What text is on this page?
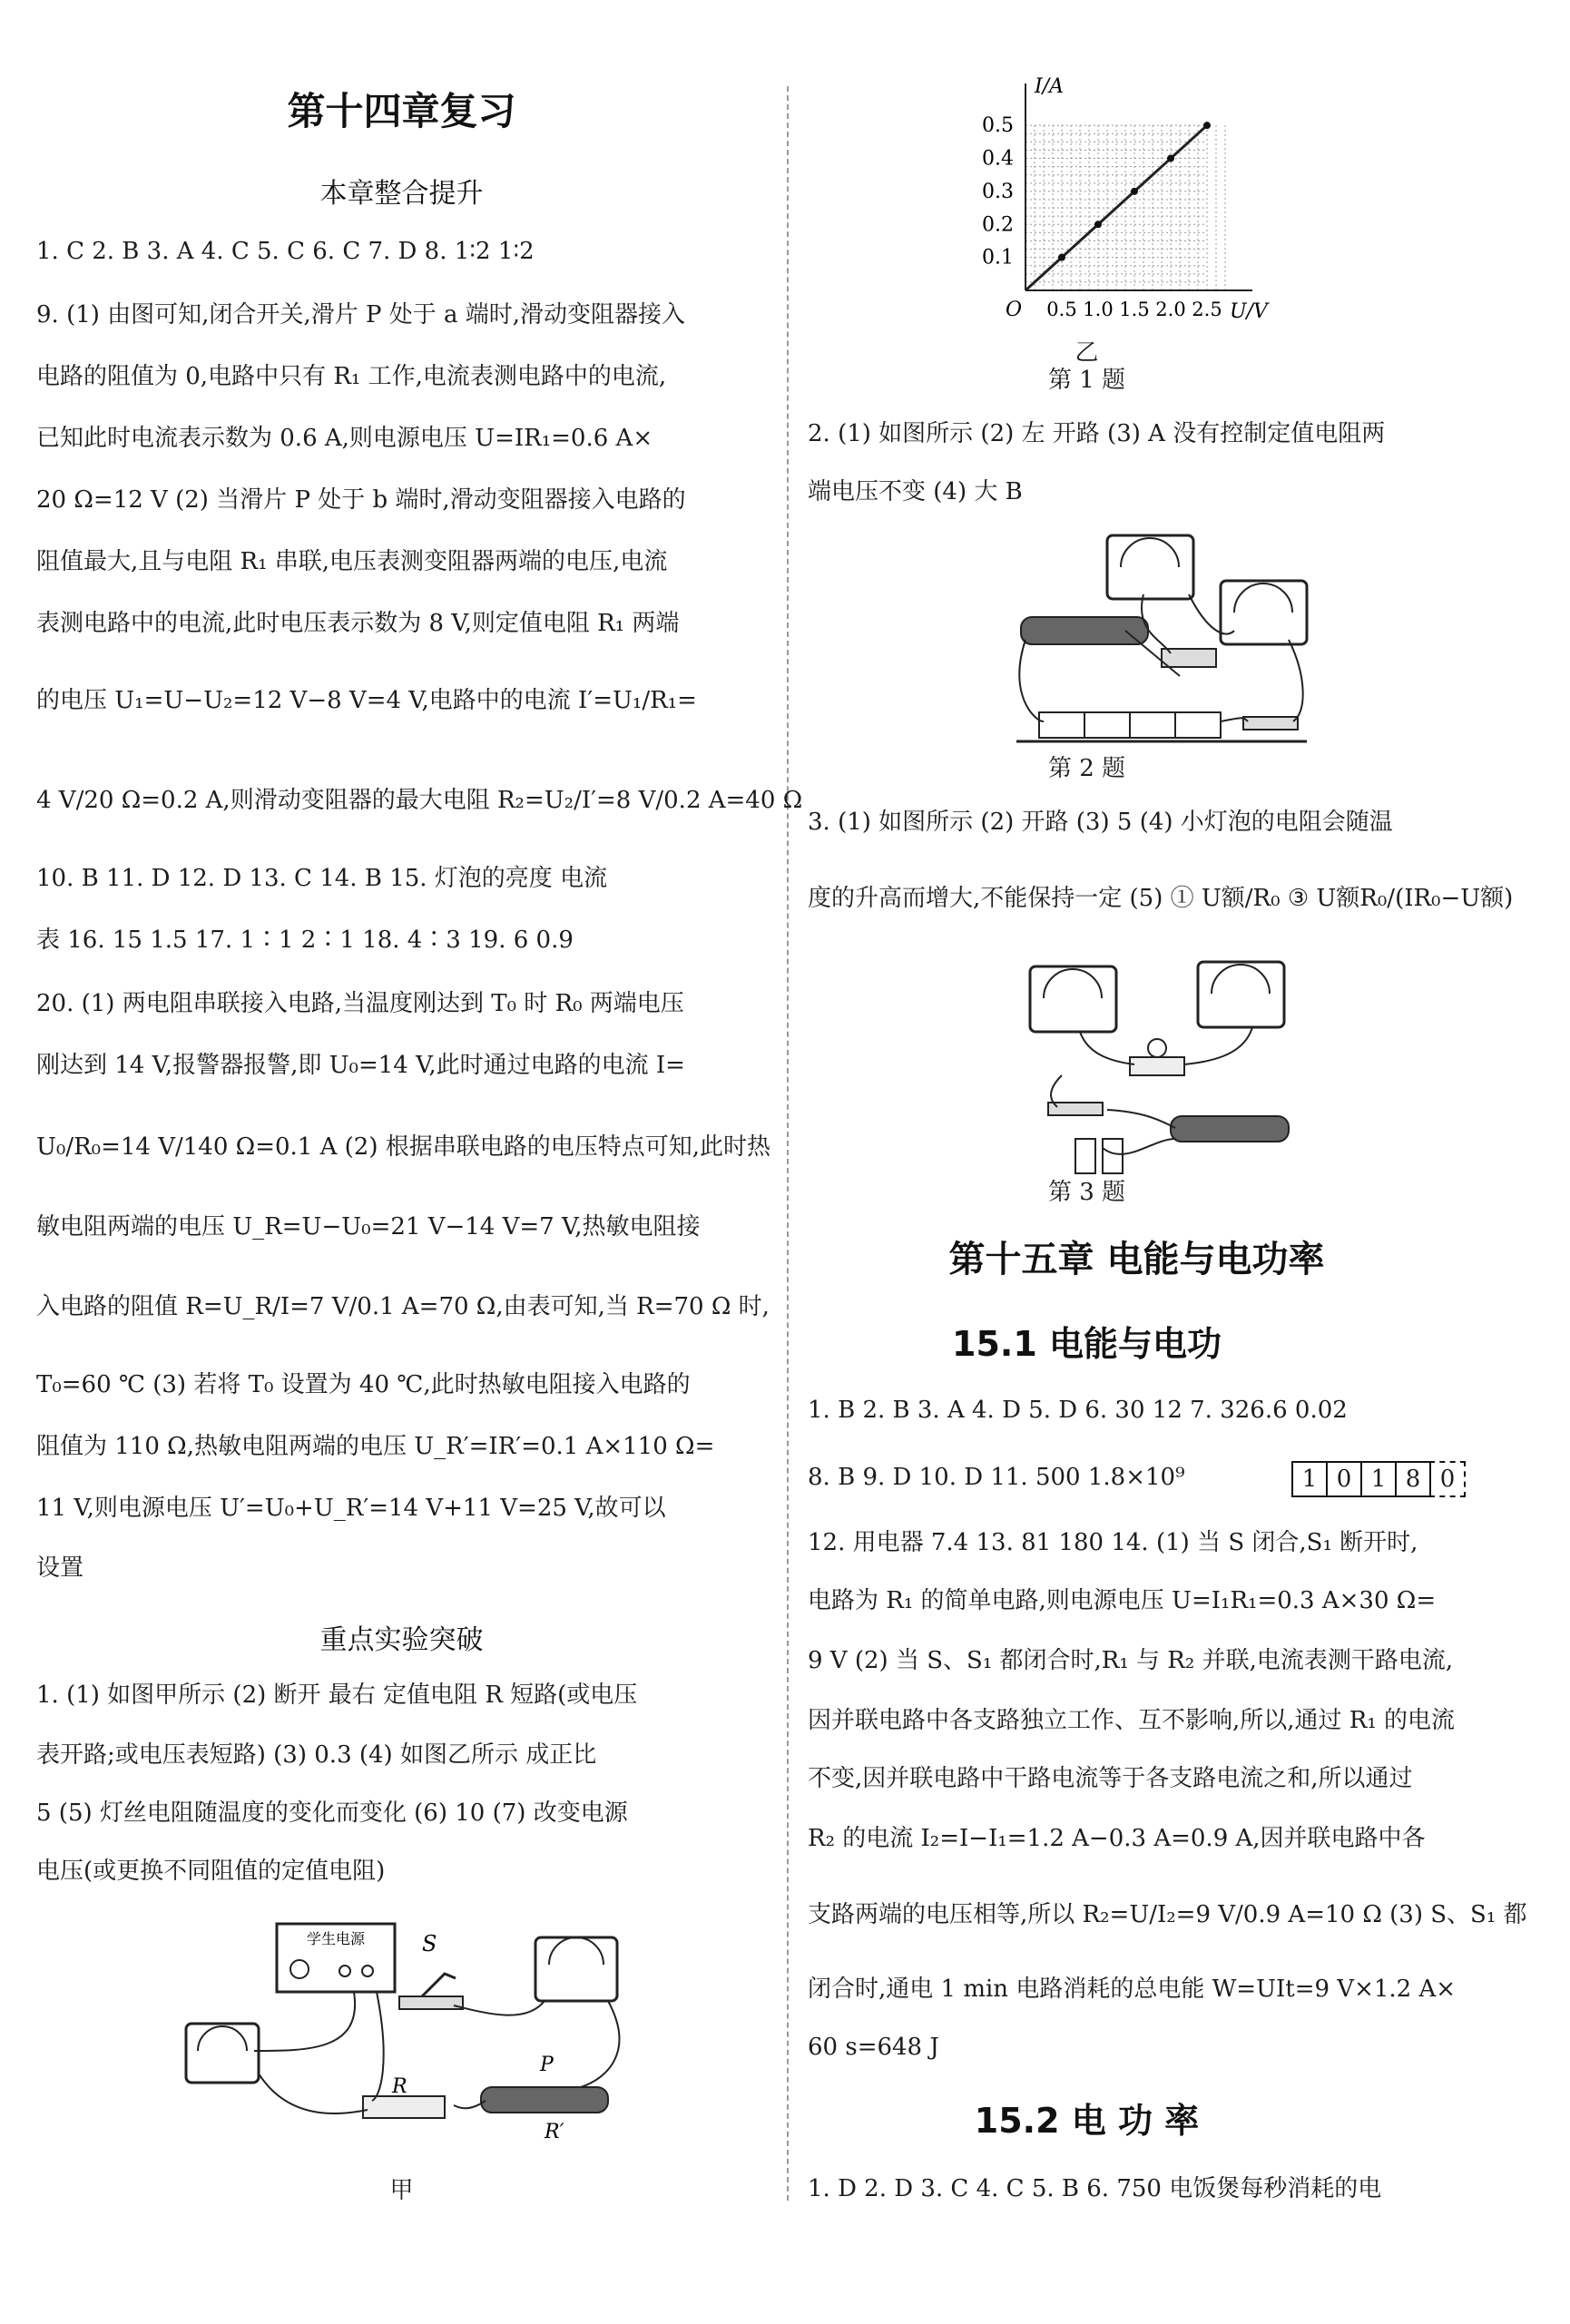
第十四章复习
本章整合提升
1. C 2. B 3. A 4. C 5. C 6. C 7. D 8. 1∶2 1∶2
9. (1) 由图可知,闭合开关,滑片 P 处于 a 端时,滑动变阻器接入
电路的阻值为 0,电路中只有 R₁ 工作,电流表测电路中的电流,
已知此时电流表示数为 0.6 A,则电源电压 U=IR₁=0.6 A×
20 Ω=12 V (2) 当滑片 P 处于 b 端时,滑动变阻器接入电路的
阻值最大,且与电阻 R₁ 串联,电压表测变阻器两端的电压,电流
表测电路中的电流,此时电压表示数为 8 V,则定值电阻 R₁ 两端
的电压 U₁=U−U₂=12 V−8 V=4 V,电路中的电流 I′=U₁/R₁=
4 V/20 Ω=0.2 A,则滑动变阻器的最大电阻 R₂=U₂/I′=8 V/0.2 A=40 Ω
10. B 11. D 12. D 13. C 14. B 15. 灯泡的亮度 电流
表 16. 15 1.5 17. 1∶1 2∶1 18. 4∶3 19. 6 0.9
20. (1) 两电阻串联接入电路,当温度刚达到 T₀ 时 R₀ 两端电压
刚达到 14 V,报警器报警,即 U₀=14 V,此时通过电路的电流 I=
U₀/R₀=14 V/140 Ω=0.1 A (2) 根据串联电路的电压特点可知,此时热
敏电阻两端的电压 U_R=U−U₀=21 V−14 V=7 V,热敏电阻接
入电路的阻值 R=U_R/I=7 V/0.1 A=70 Ω,由表可知,当 R=70 Ω 时,
T₀=60 ℃ (3) 若将 T₀ 设置为 40 ℃,此时热敏电阻接入电路的
阻值为 110 Ω,热敏电阻两端的电压 U_R′=IR′=0.1 A×110 Ω=
11 V,则电源电压 U′=U₀+U_R′=14 V+11 V=25 V,故可以
设置
重点实验突破
1. (1) 如图甲所示 (2) 断开 最右 定值电阻 R 短路(或电压
表开路;或电压表短路) (3) 0.3 (4) 如图乙所示 成正比
5 (5) 灯丝电阻随温度的变化而变化 (6) 10 (7) 改变电源
电压(或更换不同阻值的定值电阻)
学生电源	S
R
P
R′
甲
I/A
U/V
O
0.1
0.2
0.3
0.4
0.5
0.5 1.0 1.5 2.0 2.5
乙
第 1 题
2. (1) 如图所示 (2) 左 开路 (3) A 没有控制定值电阻两
端电压不变 (4) 大 B
第 2 题
3. (1) 如图所示 (2) 开路 (3) 5 (4) 小灯泡的电阻会随温
度的升高而增大,不能保持一定 (5) ① U额/R₀ ③ U额R₀/(IR₀−U额)
第 3 题
第十五章 电能与电功率
15.1 电能与电功
1. B 2. B 3. A 4. D 5. D 6. 30 12 7. 326.6 0.02
8. B 9. D 10. D 11. 500 1.8×10⁹	1 0 1 8 0
12. 用电器 7.4 13. 81 180 14. (1) 当 S 闭合,S₁ 断开时,
电路为 R₁ 的简单电路,则电源电压 U=I₁R₁=0.3 A×30 Ω=
9 V (2) 当 S、S₁ 都闭合时,R₁ 与 R₂ 并联,电流表测干路电流,
因并联电路中各支路独立工作、互不影响,所以,通过 R₁ 的电流
不变,因并联电路中干路电流等于各支路电流之和,所以通过
R₂ 的电流 I₂=I−I₁=1.2 A−0.3 A=0.9 A,因并联电路中各
支路两端的电压相等,所以 R₂=U/I₂=9 V/0.9 A=10 Ω (3) S、S₁ 都
闭合时,通电 1 min 电路消耗的总电能 W=UIt=9 V×1.2 A×
60 s=648 J
15.2 电 功 率
1. D 2. D 3. C 4. C 5. B 6. 750 电饭煲每秒消耗的电
